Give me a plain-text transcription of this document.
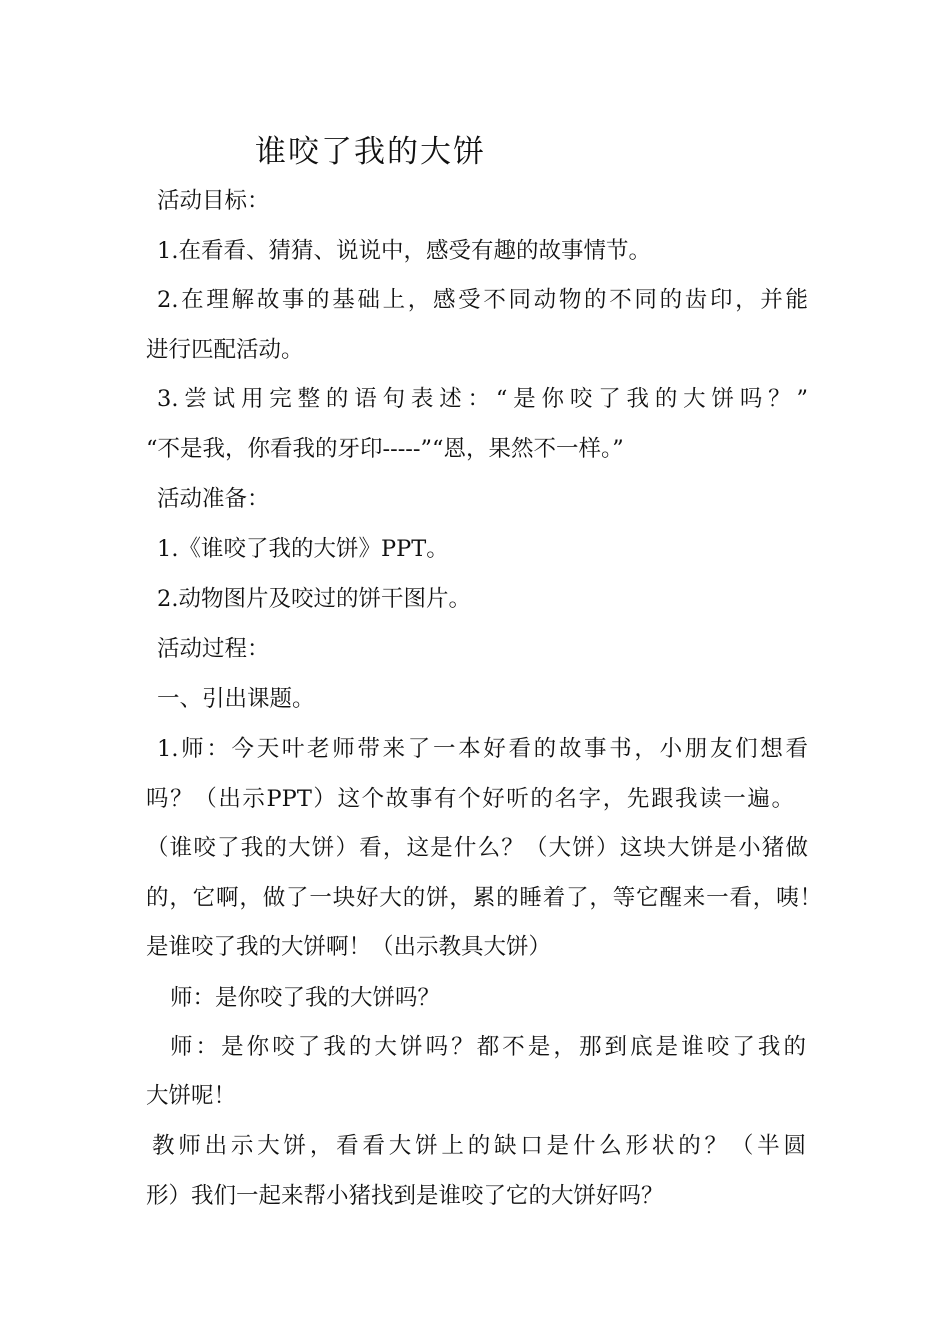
谁咬了我的大饼
活动目标：
1.在看看、猜猜、说说中，感受有趣的故事情节。
2.在理解故事的基础上，感受不同动物的不同的齿印，并能
进行匹配活动。
3.尝试用完整的语句表述：“是你咬了我的大饼吗？”
“不是我，你看我的牙印-----”“恩，果然不一样。”
活动准备：
1.《谁咬了我的大饼》PPT。
2.动物图片及咬过的饼干图片。
活动过程：
一、引出课题。
1.师：今天叶老师带来了一本好看的故事书，小朋友们想看
吗？（出示PPT）这个故事有个好听的名字，先跟我读一遍。
（谁咬了我的大饼）看，这是什么？（大饼）这块大饼是小猪做
的，它啊，做了一块好大的饼，累的睡着了，等它醒来一看，咦！
是谁咬了我的大饼啊！（出示教具大饼）
师：是你咬了我的大饼吗？
师：是你咬了我的大饼吗？都不是，那到底是谁咬了我的
大饼呢！
教师出示大饼，看看大饼上的缺口是什么形状的？（半圆
形）我们一起来帮小猪找到是谁咬了它的大饼好吗？
